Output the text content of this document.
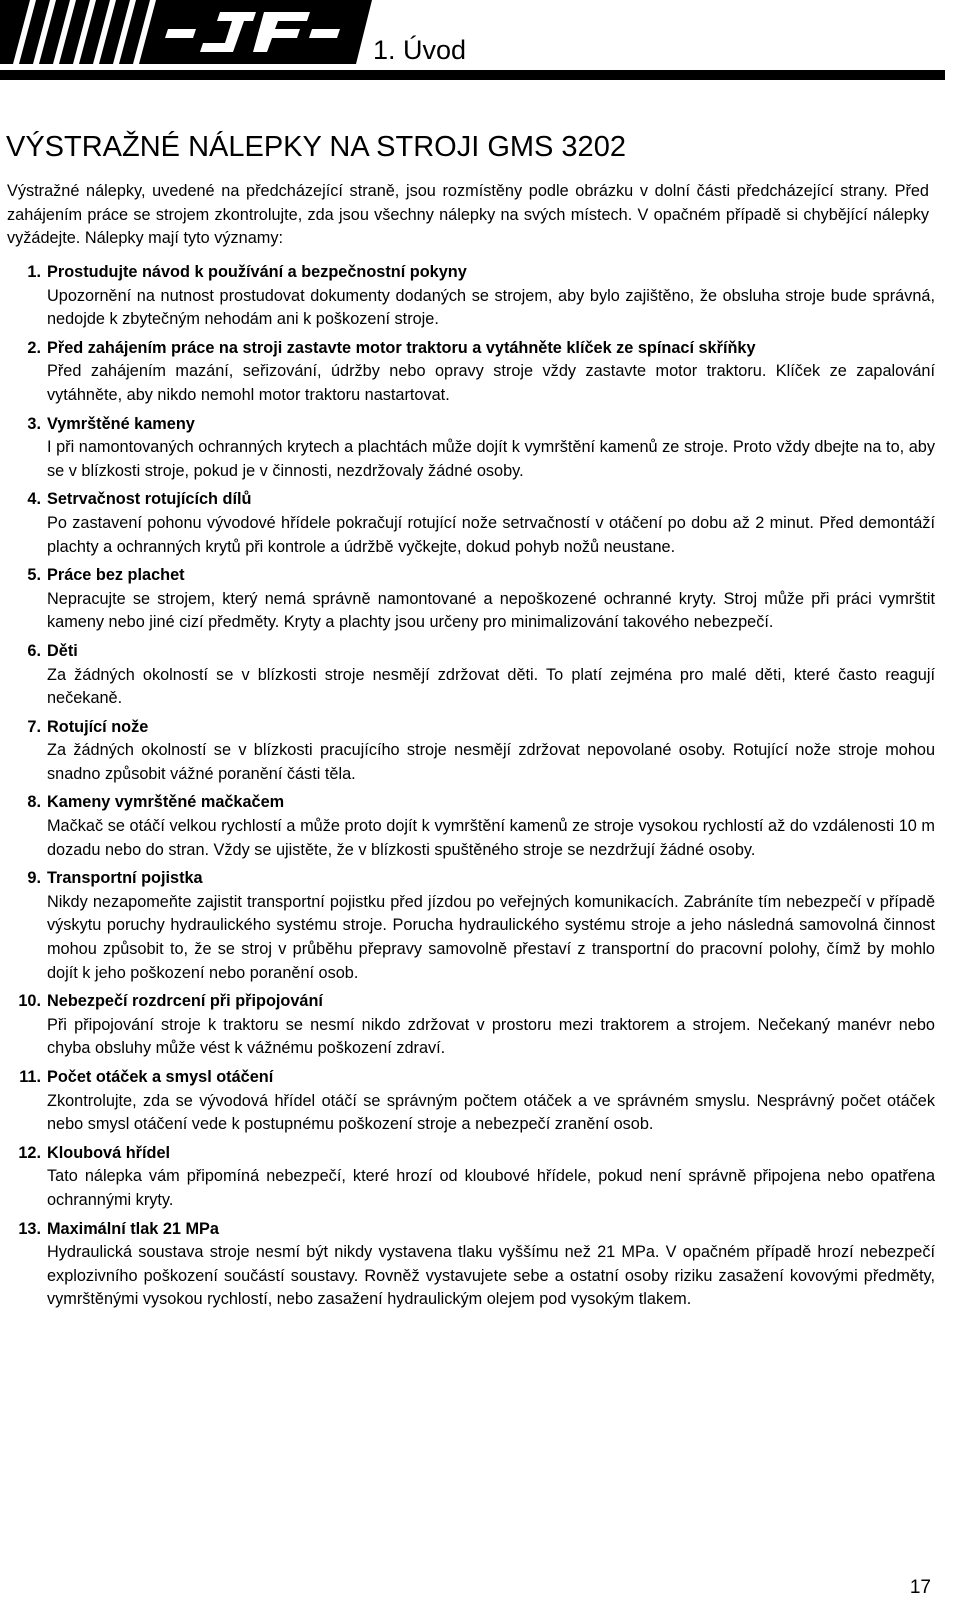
1. Úvod
VÝSTRAŽNÉ NÁLEPKY NA STROJI GMS 3202

Výstražné nálepky, uvedené na předcházející straně, jsou rozmístěny podle obrázku v dolní části předcházející strany. Před zahájením práce se strojem zkontrolujte, zda jsou všechny nálepky na svých místech. V opačném případě si chybějící nálepky vyžádejte. Nálepky mají tyto významy:

1. Prostudujte návod k používání a bezpečnostní pokyny
Upozornění na nutnost prostudovat dokumenty dodaných se strojem, aby bylo zajištěno, že obsluha stroje bude správná, nedojde k zbytečným nehodám ani k poškození stroje.
2. Před zahájením práce na stroji zastavte motor traktoru a vytáhněte klíček ze spínací skříňky
Před zahájením mazání, seřizování, údržby nebo opravy stroje vždy zastavte motor traktoru. Klíček ze zapalování vytáhněte, aby nikdo nemohl motor traktoru nastartovat.
3. Vymrštěné kameny
I při namontovaných ochranných krytech a plachtách může dojít k vymrštění kamenů ze stroje. Proto vždy dbejte na to, aby se v blízkosti stroje, pokud je v činnosti, nezdržovaly žádné osoby.
4. Setrvačnost rotujících dílů
Po zastavení pohonu vývodové hřídele pokračují rotující nože setrvačností v otáčení po dobu až 2 minut. Před demontáží plachty a ochranných krytů při kontrole a údržbě vyčkejte, dokud pohyb nožů neustane.
5. Práce bez plachet
Nepracujte se strojem, který nemá správně namontované a nepoškozené ochranné kryty. Stroj může při práci vymrštit kameny nebo jiné cizí předměty. Kryty a plachty jsou určeny pro minimalizování takového nebezpečí.
6. Děti
Za žádných okolností se v blízkosti stroje nesmějí zdržovat děti. To platí zejména pro malé děti, které často reagují nečekaně.
7. Rotující nože
Za žádných okolností se v blízkosti pracujícího stroje nesmějí zdržovat nepovolané osoby. Rotující nože stroje mohou snadno způsobit vážné poranění části těla.
8. Kameny vymrštěné mačkačem
Mačkač se otáčí velkou rychlostí a může proto dojít k vymrštění kamenů ze stroje vysokou rychlostí až do vzdálenosti 10 m dozadu nebo do stran. Vždy se ujistěte, že v blízkosti spuštěného stroje se nezdržují žádné osoby.
9. Transportní pojistka
Nikdy nezapomeňte zajistit transportní pojistku před jízdou po veřejných komunikacích. Zabráníte tím nebezpečí v případě výskytu poruchy hydraulického systému stroje. Porucha hydraulického systému stroje a jeho následná samovolná činnost mohou způsobit to, že se stroj v průběhu přepravy samovolně přestaví z transportní do pracovní polohy, čímž by mohlo dojít k jeho poškození nebo poranění osob.
10. Nebezpečí rozdrcení při připojování
Při připojování stroje k traktoru se nesmí nikdo zdržovat v prostoru mezi traktorem a strojem. Nečekaný manévr nebo chyba obsluhy může vést k vážnému poškození zdraví.
11. Počet otáček a smysl otáčení
Zkontrolujte, zda se vývodová hřídel otáčí se správným počtem otáček a ve správném smyslu. Nesprávný počet otáček nebo smysl otáčení vede k postupnému poškození stroje a nebezpečí zranění osob.
12. Kloubová hřídel
Tato nálepka vám připomíná nebezpečí, které hrozí od kloubové hřídele, pokud není správně připojena nebo opatřena ochrannými kryty.
13. Maximální tlak 21 MPa
Hydraulická soustava stroje nesmí být nikdy vystavena tlaku vyššímu než 21 MPa. V opačném případě hrozí nebezpečí explozivního poškození součástí soustavy. Rovněž vystavujete sebe a ostatní osoby riziku zasažení kovovými předměty, vymrštěnými vysokou rychlostí, nebo zasažení hydraulickým olejem pod vysokým tlakem.
17
